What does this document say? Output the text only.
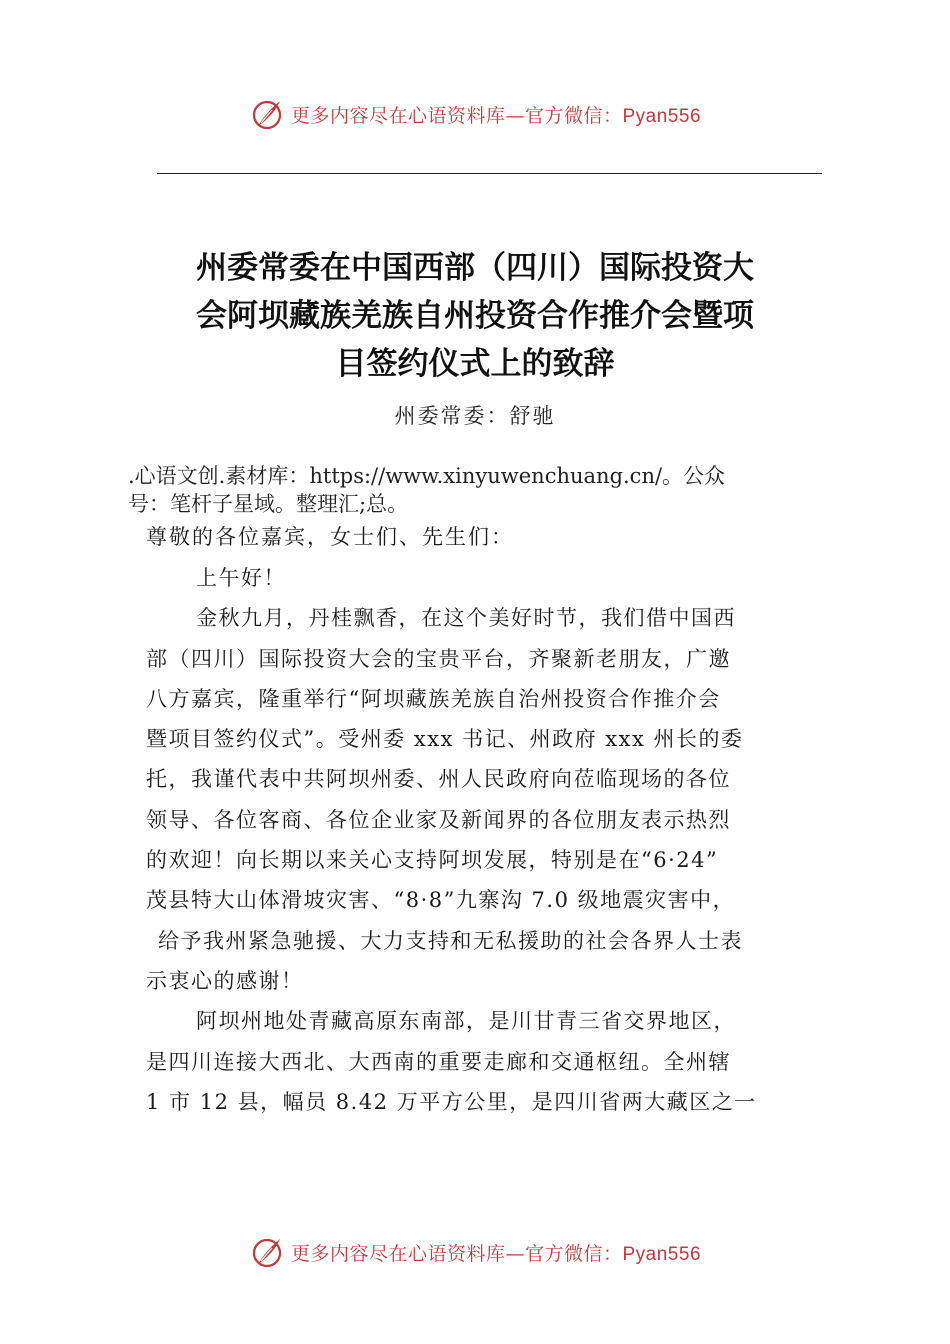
更多内容尽在心语资料库—官方微信：Pyan556
州委常委在中国西部（四川）国际投资大
会阿坝藏族羌族自州投资合作推介会暨项
目签约仪式上的致辞
州委常委：舒驰
.心语文创.素材库：https://www.xinyuwenchuang.cn/。公众
号：笔杆子星域。整理汇;总。
尊敬的各位嘉宾，女士们、先生们：
上午好！
金秋九月，丹桂飘香，在这个美好时节，我们借中国西
部（四川）国际投资大会的宝贵平台，齐聚新老朋友，广邀
八方嘉宾，隆重举行“阿坝藏族羌族自治州投资合作推介会
暨项目签约仪式”。受州委 xxx 书记、州政府 xxx 州长的委
托，我谨代表中共阿坝州委、州人民政府向莅临现场的各位
领导、各位客商、各位企业家及新闻界的各位朋友表示热烈
的欢迎！向长期以来关心支持阿坝发展，特别是在“6·24”
茂县特大山体滑坡灾害、“8·8”九寨沟 7.0 级地震灾害中，
给予我州紧急驰援、大力支持和无私援助的社会各界人士表
示衷心的感谢！
阿坝州地处青藏高原东南部，是川甘青三省交界地区，
是四川连接大西北、大西南的重要走廊和交通枢纽。全州辖
1 市 12 县，幅员 8.42 万平方公里，是四川省两大藏区之一
更多内容尽在心语资料库—官方微信：Pyan556
